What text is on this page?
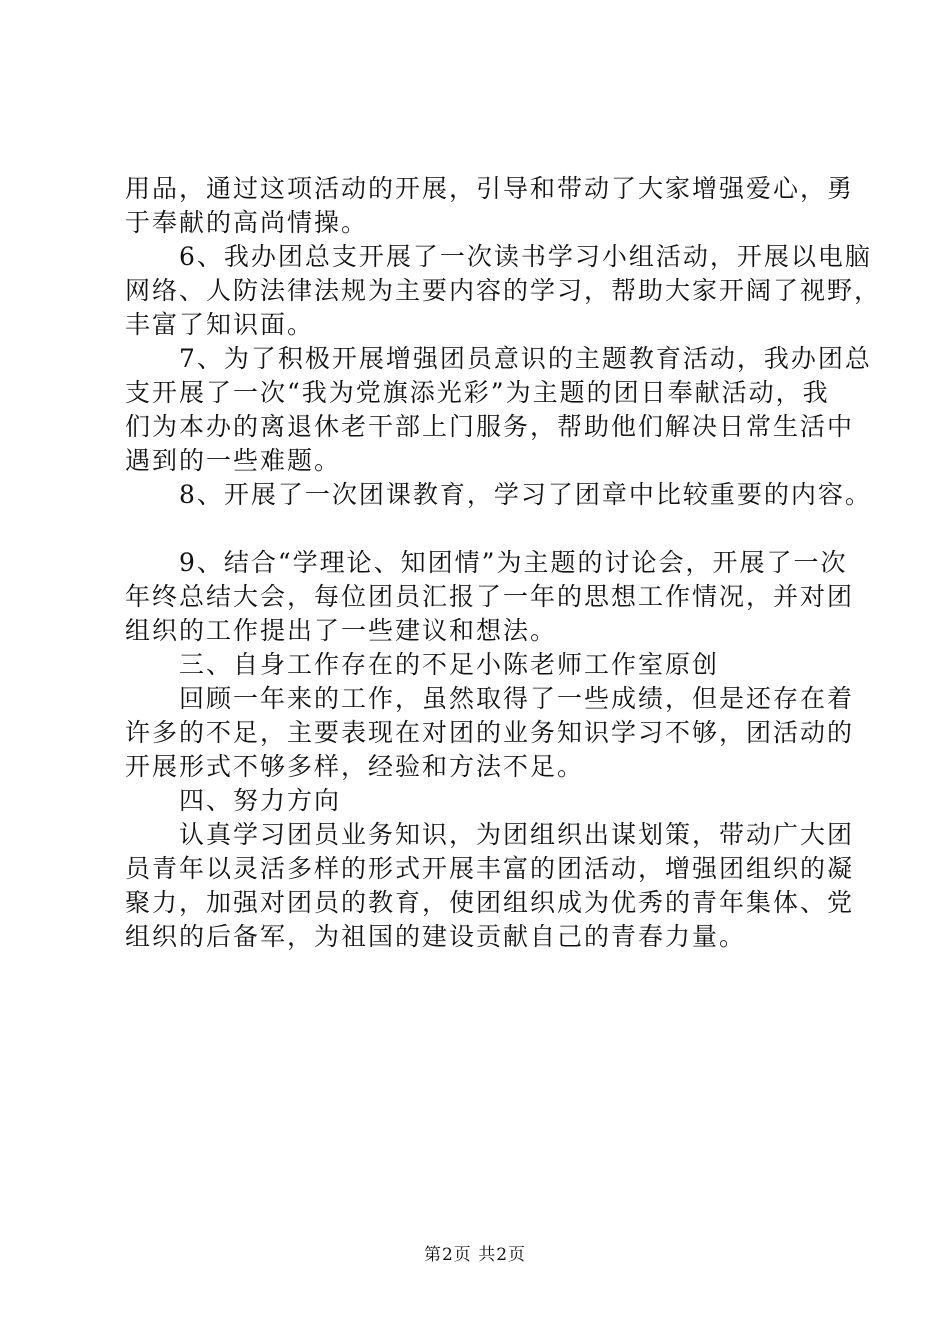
用品，通过这项活动的开展，引导和带动了大家增强爱心，勇
于奉献的高尚情操。
6、我办团总支开展了一次读书学习小组活动，开展以电脑
网络、人防法律法规为主要内容的学习，帮助大家开阔了视野，
丰富了知识面。
7、为了积极开展增强团员意识的主题教育活动，我办团总
支开展了一次“我为党旗添光彩”为主题的团日奉献活动，我
们为本办的离退休老干部上门服务，帮助他们解决日常生活中
遇到的一些难题。
8、开展了一次团课教育，学习了团章中比较重要的内容。
9、结合“学理论、知团情”为主题的讨论会，开展了一次
年终总结大会，每位团员汇报了一年的思想工作情况，并对团
组织的工作提出了一些建议和想法。
三、自身工作存在的不足小陈老师工作室原创
回顾一年来的工作，虽然取得了一些成绩，但是还存在着
许多的不足，主要表现在对团的业务知识学习不够，团活动的
开展形式不够多样，经验和方法不足。
四、努力方向
认真学习团员业务知识，为团组织出谋划策，带动广大团
员青年以灵活多样的形式开展丰富的团活动，增强团组织的凝
聚力，加强对团员的教育，使团组织成为优秀的青年集体、党
组织的后备军，为祖国的建设贡献自己的青春力量。
第2页 共2页
